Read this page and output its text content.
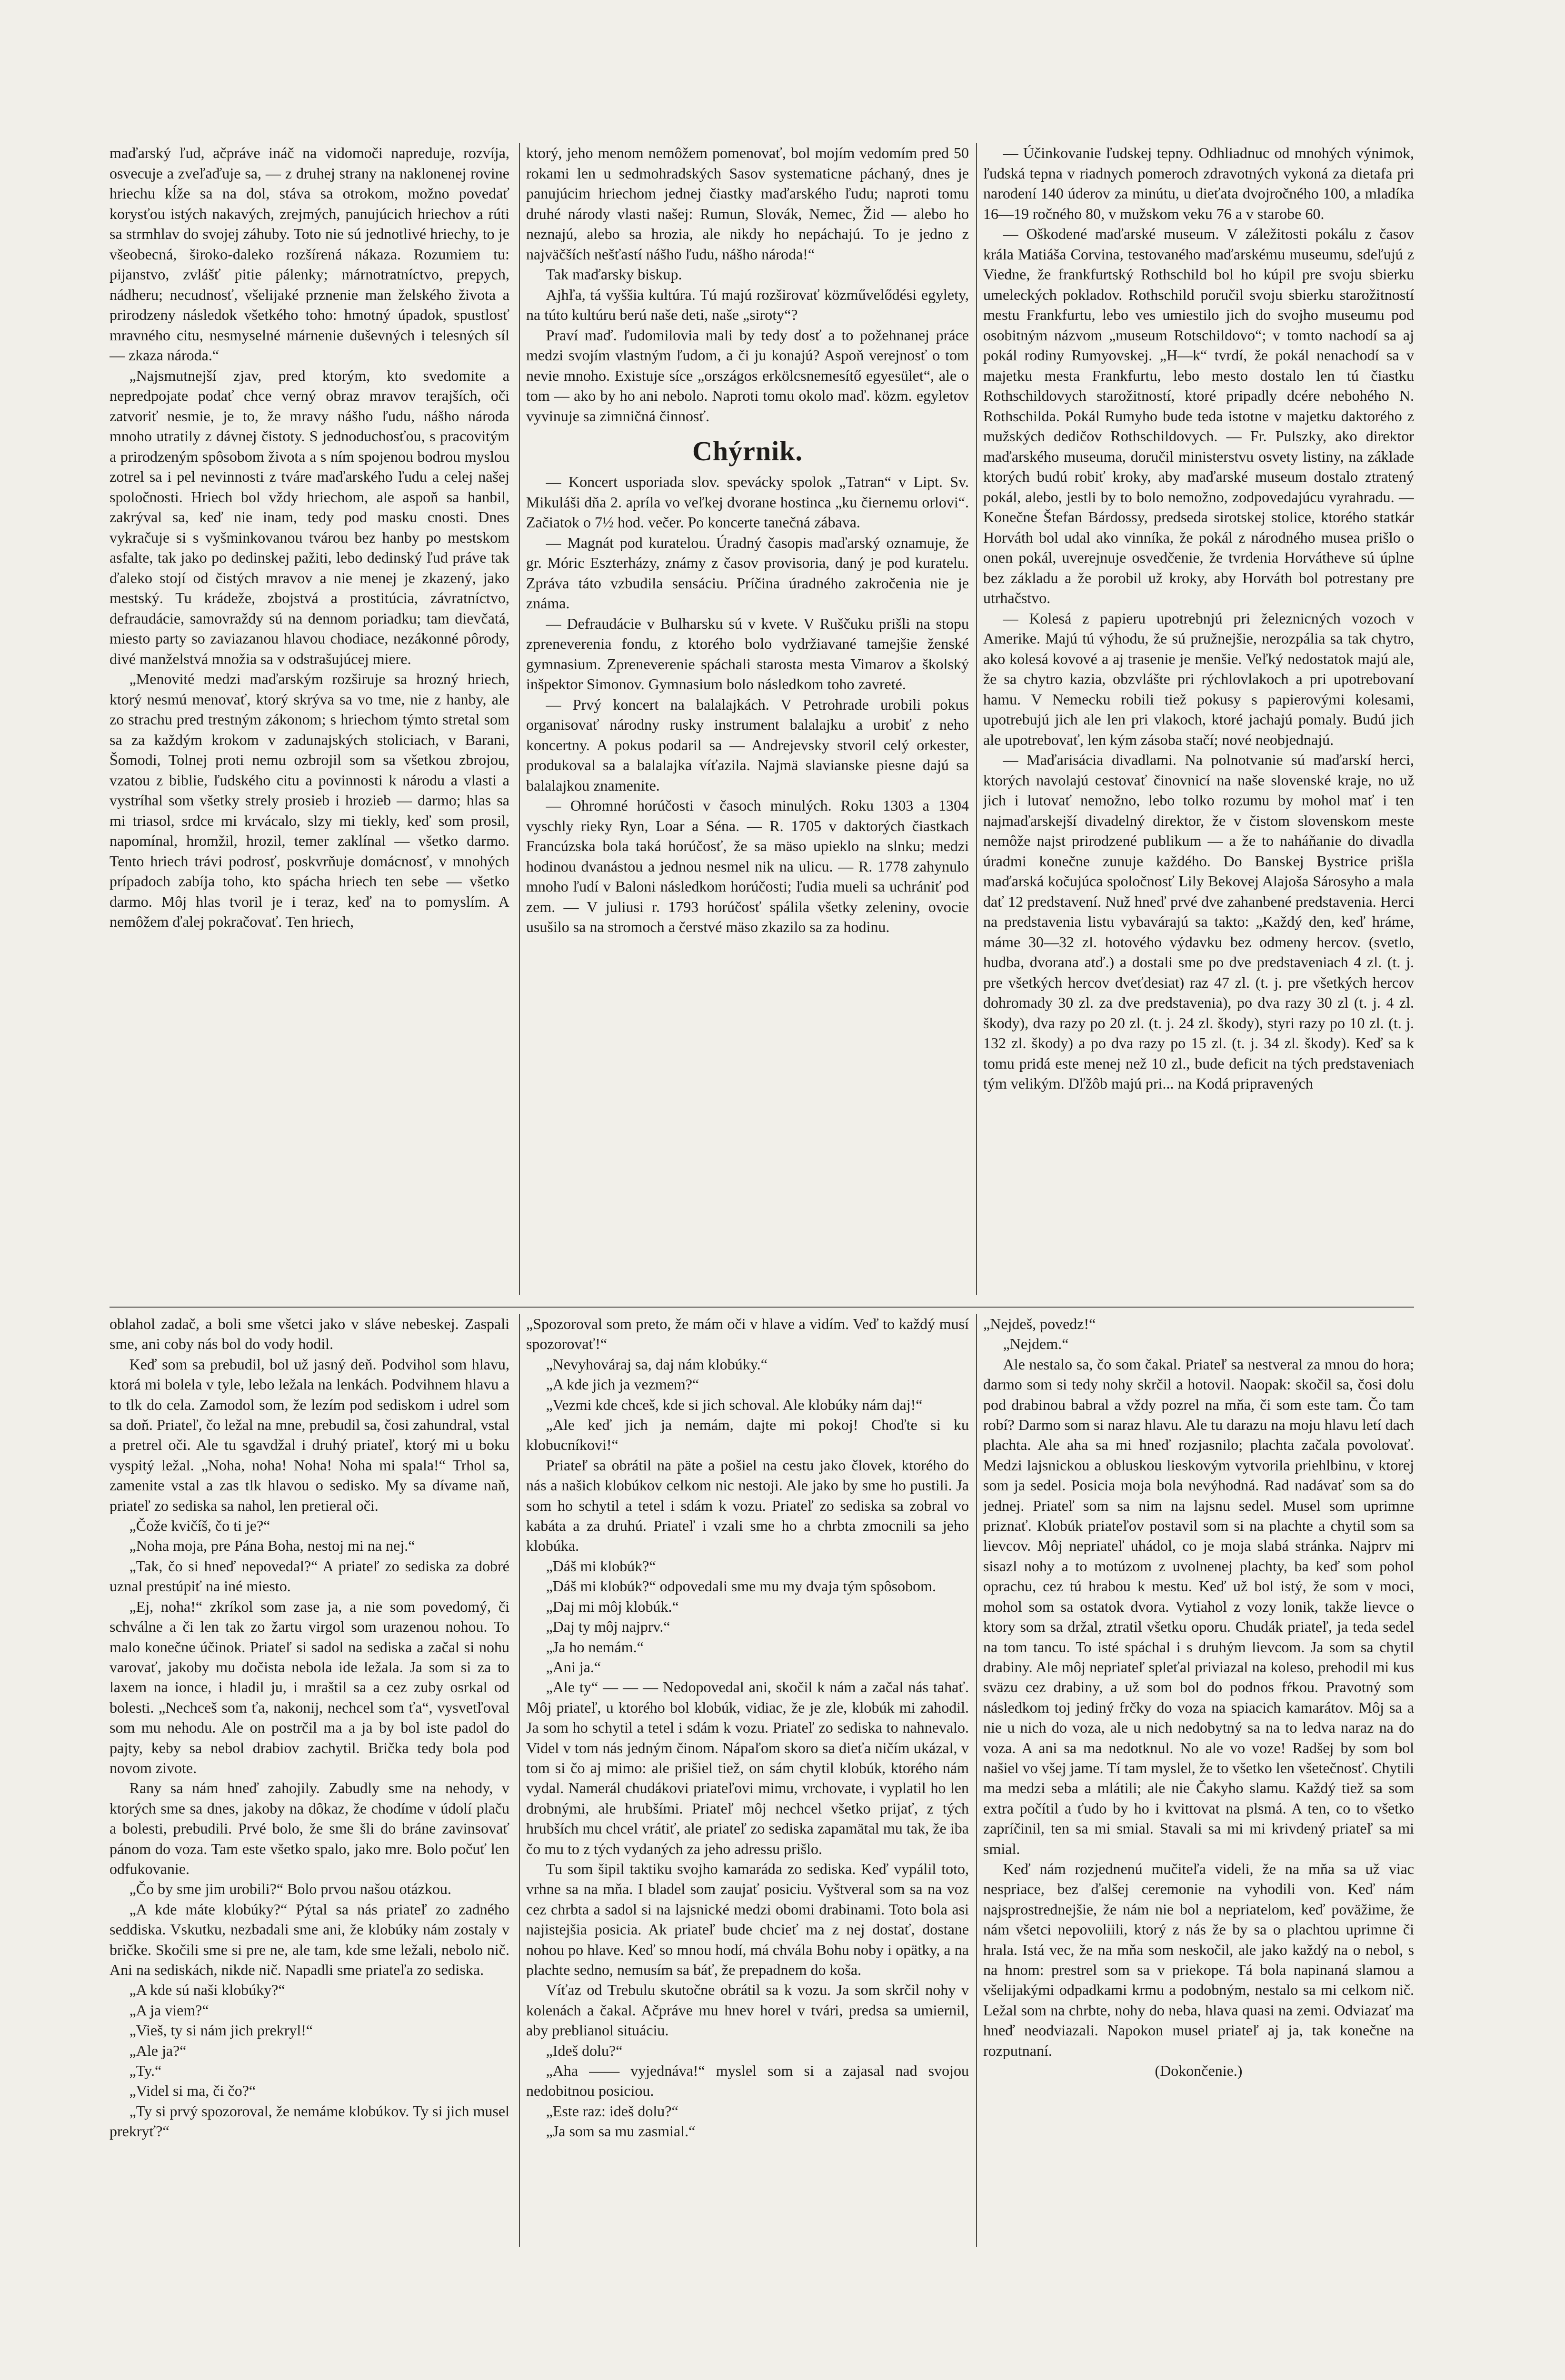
maďarský ľud, ačpráve ináč na vidomoči napreduje, rozvíja, osvecuje a zveľaďuje sa, — z druhej strany na naklonenej rovine hriechu kĺže sa na dol, stáva sa otrokom, možno povedať korysťou istých nakavých, zrejmých, panujúcich hriechov a rúti sa strmhlav do svojej záhuby. Toto nie sú jednotlivé hriechy, to je všeobecná, široko-daleko rozšírená nákaza. Rozumiem tu: pijanstvo, zvlášť pitie pálenky; márnotratníctvo, prepych, nádheru; necudnosť, všelijaké prznenie man želského života a prirodzeny následok všetkého toho: hmotný úpadok, spustlosť mravného citu, nesmyselné márnenie duševných i telesných síl — zkaza národa.“

„Najsmutnejší zjav, pred ktorým, kto svedomite a nepredpojate podať chce verný obraz mravov terajších, oči zatvoriť nesmie, je to, že mravy nášho ľudu, nášho národa mnoho utratily z dávnej čistoty. S jednoduchosťou, s pracovitým a prirodzeným spôsobom života a s ním spojenou bodrou myslou zotrel sa i pel nevinnosti z tváre maďarského ľudu a celej našej spoločnosti. Hriech bol vždy hriechom, ale aspoň sa hanbil, zakrýval sa, keď nie inam, tedy pod masku cnosti. Dnes vykračuje si s vyšminkovanou tvárou bez hanby po mestskom asfalte, tak jako po dedinskej pažiti, lebo dedinský ľud práve tak ďaleko stojí od čistých mravov a nie menej je zkazený, jako mestský. Tu krádeže, zbojstvá a prostitúcia, závratníctvo, defraudácie, samovraždy sú na dennom poriadku; tam dievčatá, miesto party so zaviazanou hlavou chodiace, nezákonné pôrody, divé manželstvá množia sa v odstrašujúcej miere.

„Menovité medzi maďarským rozširuje sa hrozný hriech, ktorý nesmú menovať, ktorý skrýva sa vo tme, nie z hanby, ale zo strachu pred trestným zákonom; s hriechom týmto stretal som sa za každým krokom v zadunajských stoliciach, v Barani, Šomodi, Tolnej proti nemu ozbrojil som sa všetkou zbrojou, vzatou z biblie, ľudského citu a povinnosti k národu a vlasti a vystríhal som všetky strely prosieb i hrozieb — darmo; hlas sa mi triasol, srdce mi krvácalo, slzy mi tiekly, keď som prosil, napomínal, hromžil, hrozil, temer zaklínal — všetko darmo. Tento hriech trávi podrosť, poskvrňuje domácnosť, v mnohých prípadoch zabíja toho, kto spácha hriech ten sebe — všetko darmo. Môj hlas tvoril je i teraz, keď na to pomyslím. A nemôžem ďalej pokračovať. Ten hriech,

ktorý, jeho menom nemôžem pomenovať, bol mojím vedomím pred 50 rokami len u sedmohradských Sasov systematicne páchaný, dnes je panujúcim hriechom jednej čiastky maďarského ľudu; naproti tomu druhé národy vlasti našej: Rumun, Slovák, Nemec, Žid — alebo ho neznajú, alebo sa hrozia, ale nikdy ho nepáchajú. To je jedno z najväčších nešťastí nášho ľudu, nášho národa!“

Tak maďarsky biskup.

Ajhľa, tá vyššia kultúra. Tú majú rozširovať közművelődési egylety, na túto kultúru berú naše deti, naše „siroty“?

Praví maď. ľudomilovia mali by tedy dosť a to požehnanej práce medzi svojím vlastným ľudom, a či ju konajú? Aspoň verejnosť o tom nevie mnoho. Existuje síce „országos erkölcsnemesítő egyesület“, ale o tom — ako by ho ani nebolo. Naproti tomu okolo maď. közm. egyletov vyvinuje sa zimničná činnosť.

Chýrnik.

— Koncert usporiada slov. spevácky spolok „Tatran“ v Lipt. Sv. Mikuláši dňa 2. apríla vo veľkej dvorane hostinca „ku čiernemu orlovi“. Začiatok o 7½ hod. večer. Po koncerte tanečná zábava.

— Magnát pod kuratelou. Úradný časopis maďarský oznamuje, že gr. Móric Eszterházy, známy z časov provisoria, daný je pod kuratelu. Zpráva táto vzbudila sensáciu. Príčina úradného zakročenia nie je známa.

— Defraudácie v Bulharsku sú v kvete. V Ruščuku prišli na stopu zpreneverenia fondu, z ktorého bolo vydržiavané tamejšie ženské gymnasium. Zpreneverenie spáchali starosta mesta Vimarov a školský inšpektor Simonov. Gymnasium bolo následkom toho zavreté.

— Prvý koncert na balalajkách. V Petrohrade urobili pokus organisovať národny rusky instrument balalajku a urobiť z neho koncertny. A pokus podaril sa — Andrejevsky stvoril celý orkester, produkoval sa a balalajka víťazila. Najmä slavianske piesne dajú sa balalajkou znamenite.

— Ohromné horúčosti v časoch minulých. Roku 1303 a 1304 vyschly rieky Ryn, Loar a Séna. — R. 1705 v daktorých čiastkach Francúzska bola taká horúčosť, že sa mäso upieklo na slnku; medzi hodinou dvanástou a jednou nesmel nik na ulicu. — R. 1778 zahynulo mnoho ľudí v Baloni následkom horúčosti; ľudia mueli sa uchrániť pod zem. — V juliusi r. 1793 horúčosť spálila všetky zeleniny, ovocie usušilo sa na stromoch a čerstvé mäso zkazilo sa za hodinu.

— Účinkovanie ľudskej tepny. Odhliadnuc od mnohých výnimok, ľudská tepna v riadnych pomeroch zdravotných vykoná za dietafa pri narodení 140 úderov za minútu, u dieťata dvojročného 100, a mladíka 16—19 ročného 80, v mužskom veku 76 a v starobe 60.

— Oškodené maďarské museum. V záležitosti pokálu z časov krála Matiáša Corvina, testovaného maďarskému museumu, sdeľujú z Viedne, že frankfurtský Rothschild bol ho kúpil pre svoju sbierku umeleckých pokladov. Rothschild poručil svoju sbierku starožitností mestu Frankfurtu, lebo ves umiestilo jich do svojho museumu pod osobitným názvom „museum Rotschildovo“; v tomto nachodí sa aj pokál rodiny Rumyovskej. „H—k“ tvrdí, že pokál nenachodí sa v majetku mesta Frankfurtu, lebo mesto dostalo len tú čiastku Rothschildovych starožitností, ktoré pripadly dcére nebohého N. Rothschilda. Pokál Rumyho bude teda istotne v majetku daktorého z mužských dedičov Rothschildovych. — Fr. Pulszky, ako direktor maďarského museuma, doručil ministerstvu osvety listiny, na základe ktorých budú robiť kroky, aby maďarské museum dostalo ztratený pokál, alebo, jestli by to bolo nemožno, zodpovedajúcu vyrahradu. — Konečne Štefan Bárdossy, predseda sirotskej stolice, ktorého statkár Horváth bol udal ako vinníka, že pokál z národného musea prišlo o onen pokál, uverejnuje osvedčenie, že tvrdenia Horvátheve sú úplne bez základu a že porobil už kroky, aby Horváth bol potrestany pre utrhačstvo.

— Kolesá z papieru upotrebnjú pri železnicných vozoch v Amerike. Majú tú výhodu, že sú pružnejšie, nerozpália sa tak chytro, ako kolesá kovové a aj trasenie je menšie. Veľký nedostatok majú ale, že sa chytro kazia, obzvlášte pri rýchlovlakoch a pri upotrebovaní hamu. V Nemecku robili tiež pokusy s papierovými kolesami, upotrebujú jich ale len pri vlakoch, ktoré jachajú pomaly. Budú jich ale upotrebovať, len kým zásoba stačí; nové neobjednajú.

— Maďarisácia divadlami. Na polnotvanie sú maďarskí herci, ktorých navolajú cestovať činovnicí na naše slovenské kraje, no už jich i lutovať nemožno, lebo tolko rozumu by mohol mať i ten najmaďarskejší divadelný direktor, že v čistom slovenskom meste nemôže najst prirodzené publikum — a že to naháňanie do divadla úradmi konečne zunuje každého. Do Banskej Bystrice prišla maďarská kočujúca spoločnosť Lily Bekovej Alajoša Sárosyho a mala dať 12 predstavení. Nuž hneď prvé dve zahanbené predstavenia. Herci na predstavenia listu vybavárajú sa takto: „Každý den, keď hráme, máme 30—32 zl. hotového výdavku bez odmeny hercov. (svetlo, hudba, dvorana atď.) a dostali sme po dve predstaveniach 4 zl. (t. j. pre všetkých hercov dveťdesiat) raz 47 zl. (t. j. pre všetkých hercov dohromady 30 zl. za dve predstavenia), po dva razy 30 zl (t. j. 4 zl. škody), dva razy po 20 zl. (t. j. 24 zl. škody), styri razy po 10 zl. (t. j. 132 zl. škody) a po dva razy po 15 zl. (t. j. 34 zl. škody). Keď sa k tomu pridá este menej než 10 zl., bude deficit na tých predstaveniach tým velikým. Dľžôb majú pri... na Kodá pripravených

oblahol zadač, a boli sme všetci jako v sláve nebeskej. Zaspali sme, ani coby nás bol do vody hodil.

Keď som sa prebudil, bol už jasný deň. Podvihol som hlavu, ktorá mi bolela v tyle, lebo ležala na lenkách. Podvihnem hlavu a to tlk do cela. Zamodol som, že lezím pod sediskom i udrel som sa doň. Priateľ, čo ležal na mne, prebudil sa, čosi zahundral, vstal a pretrel oči. Ale tu sgavdžal i druhý priateľ, ktorý mi u boku vyspitý ležal. „Noha, noha! Noha! Noha mi spala!“ Trhol sa, zamenite vstal a zas tlk hlavou o sedisko. My sa dívame naň, priateľ zo sediska sa nahol, len pretieral oči.

„Čože kvičíš, čo ti je?“

„Noha moja, pre Pána Boha, nestoj mi na nej.“

„Tak, čo si hneď nepovedal?“ A priateľ zo sediska za dobré uznal prestúpiť na iné miesto.

„Ej, noha!“ zkríkol som zase ja, a nie som povedomý, či schválne a či len tak zo žartu virgol som urazenou nohou. To malo konečne účinok. Priateľ si sadol na sediska a začal si nohu varovať, jakoby mu dočista nebola ide ležala. Ja som si za to laxem na ionce, i hladil ju, i mraštil sa a cez zuby osrkal od bolesti. „Nechceš som ťa, nakonij, nechcel som ťa“, vysvetľoval som mu nehodu. Ale on postrčil ma a ja by bol iste padol do pajty, keby sa nebol drabiov zachytil. Brička tedy bola pod novom zivote.

Rany sa nám hneď zahojily. Zabudly sme na nehody, v ktorých sme sa dnes, jakoby na dôkaz, že chodíme v údolí plaču a bolesti, prebudili. Prvé bolo, že sme šli do bráne zavinsovať pánom do voza. Tam este všetko spalo, jako mre. Bolo počuť len odfukovanie.

„Čo by sme jim urobili?“ Bolo prvou našou otázkou.

„A kde máte klobúky?“ Pýtal sa nás priateľ zo zadného seddiska. Vskutku, nezbadali sme ani, že klobúky nám zostaly v bričke. Skočili sme si pre ne, ale tam, kde sme ležali, nebolo nič. Ani na sediskách, nikde nič. Napadli sme priateľa zo sediska.

„A kde sú naši klobúky?“

„A ja viem?“

„Vieš, ty si nám jich prekryl!“

„Ale ja?“

„Ty.“

„Videl si ma, či čo?“

„Ty si prvý spozoroval, že nemáme klobúkov. Ty si jich musel prekryť?“

„Spozoroval som preto, že mám oči v hlave a vidím. Veď to každý musí spozorovať!“

„Nevyhováraj sa, daj nám klobúky.“

„A kde jich ja vezmem?“

„Vezmi kde chceš, kde si jich schoval. Ale klobúky nám daj!“

„Ale keď jich ja nemám, dajte mi pokoj! Choďte si ku klobucníkovi!“

Priateľ sa obrátil na päte a pošiel na cestu jako človek, ktorého do nás a našich klobúkov celkom nic nestoji. Ale jako by sme ho pustili. Ja som ho schytil a tetel i sdám k vozu. Priateľ zo sediska sa zobral vo kabáta a za druhú. Priateľ i vzali sme ho a chrbta zmocnili sa jeho klobúka.

„Dáš mi klobúk?“

„Dáš mi klobúk?“ odpovedali sme mu my dvaja tým spôsobom.

„Daj mi môj klobúk.“

„Daj ty môj najprv.“

„Ja ho nemám.“

„Ani ja.“

„Ale ty“ — — — Nedopovedal ani, skočil k nám a začal nás tahať. Môj priateľ, u ktorého bol klobúk, vidiac, že je zle, klobúk mi zahodil. Ja som ho schytil a tetel i sdám k vozu. Priateľ zo sediska to nahnevalo. Videl v tom nás jedným činom. Nápaľom skoro sa dieťa ničím ukázal, v tom si čo aj mimo: ale prišiel tiež, on sám chytil klobúk, ktorého nám vydal. Namerál chudákovi priateľovi mimu, vrchovate, i vyplatil ho len drobnými, ale hrubšími. Priateľ môj nechcel všetko prijať, z tých hrubších mu chcel vrátiť, ale priateľ zo sediska zapamätal mu tak, že iba čo mu to z tých vydaných za jeho adressu prišlo.

Tu som šipil taktiku svojho kamaráda zo sediska. Keď vypálil toto, vrhne sa na mňa. I bladel som zaujať posiciu. Vyštveral som sa na voz cez chrbta a sadol si na lajsnické medzi obomi drabinami. Toto bola asi najistejšia posicia. Ak priateľ bude chcieť ma z nej dostať, dostane nohou po hlave. Keď so mnou hodí, má chvála Bohu noby i opätky, a na plachte sedno, nemusím sa báť, že prepadnem do koša.

Víťaz od Trebulu skutočne obrátil sa k vozu. Ja som skrčil nohy v kolenách a čakal. Ačpráve mu hnev horel v tvári, predsa sa umiernil, aby preblianol situáciu.

„Ideš dolu?“

„Aha —— vyjednáva!“ myslel som si a zajasal nad svojou nedobitnou posiciou.

„Este raz: ideš dolu?“

„Ja som sa mu zasmial.“

„Nejdeš, povedz!“

„Nejdem.“

Ale nestalo sa, čo som čakal. Priateľ sa nestveral za mnou do hora; darmo som si tedy nohy skrčil a hotovil. Naopak: skočil sa, čosi dolu pod drabinou babral a vždy pozrel na mňa, či som este tam. Čo tam robí? Darmo som si naraz hlavu. Ale tu darazu na moju hlavu letí dach plachta. Ale aha sa mi hneď rozjasnilo; plachta začala povolovať. Medzi lajsnickou a obluskou lieskovým vytvorila priehlbinu, v ktorej som ja sedel. Posicia moja bola nevýhodná. Rad nadávať som sa do jednej. Priateľ som sa nim na lajsnu sedel. Musel som uprimne priznať. Klobúk priateľov postavil som si na plachte a chytil som sa lievcov. Môj nepriateľ uhádol, co je moja slabá stránka. Najprv mi sisazl nohy a to motúzom z uvolnenej plachty, ba keď som pohol oprachu, cez tú hrabou k mestu. Keď už bol istý, že som v moci, mohol som sa ostatok dvora. Vytiahol z vozy lonik, takže lievce o ktory som sa držal, ztratil všetku oporu. Chudák priateľ, ja teda sedel na tom tancu. To isté spáchal i s druhým lievcom. Ja som sa chytil drabiny. Ale môj nepriateľ spleťal priviazal na koleso, prehodil mi kus sväzu cez drabiny, a už som bol do podnos fŕkou. Pravotný som následkom toj jediný frčky do voza na spiacich kamarátov. Môj sa a nie u nich do voza, ale u nich nedobytný sa na to ledva naraz na do voza. A ani sa ma nedotknul. No ale vo voze! Radšej by som bol našiel vo všej jame. Tí tam myslel, že to všetko len všetečnosť. Chytili ma medzi seba a mlátili; ale nie Čakyho slamu. Každý tiež sa som extra počítil a ťudo by ho i kvittovat na plsmá. A ten, co to všetko zapríčinil, ten sa mi smial. Stavali sa mi mi krivdený priateľ sa mi smial.

Keď nám rozjednenú mučiteľa videli, že na mňa sa už viac nespriace, bez ďalšej ceremonie na vyhodili von. Keď nám najsprostrednejšie, že nám nie bol a nepriatelom, keď poväžime, že nám všetci nepovoliili, ktorý z nás že by sa o plachtou uprimne či hrala. Istá vec, že na mňa som neskočil, ale jako každý na o nebol, s na hnom: prestrel som sa v priekope. Tá bola napinaná slamou a všelijakými odpadkami krmu a podobným, nestalo sa mi celkom nič. Ležal som na chrbte, nohy do neba, hlava quasi na zemi. Odviazať ma hneď neodviazali. Napokon musel priateľ aj ja, tak konečne na rozputnaní.

(Dokončenie.)
